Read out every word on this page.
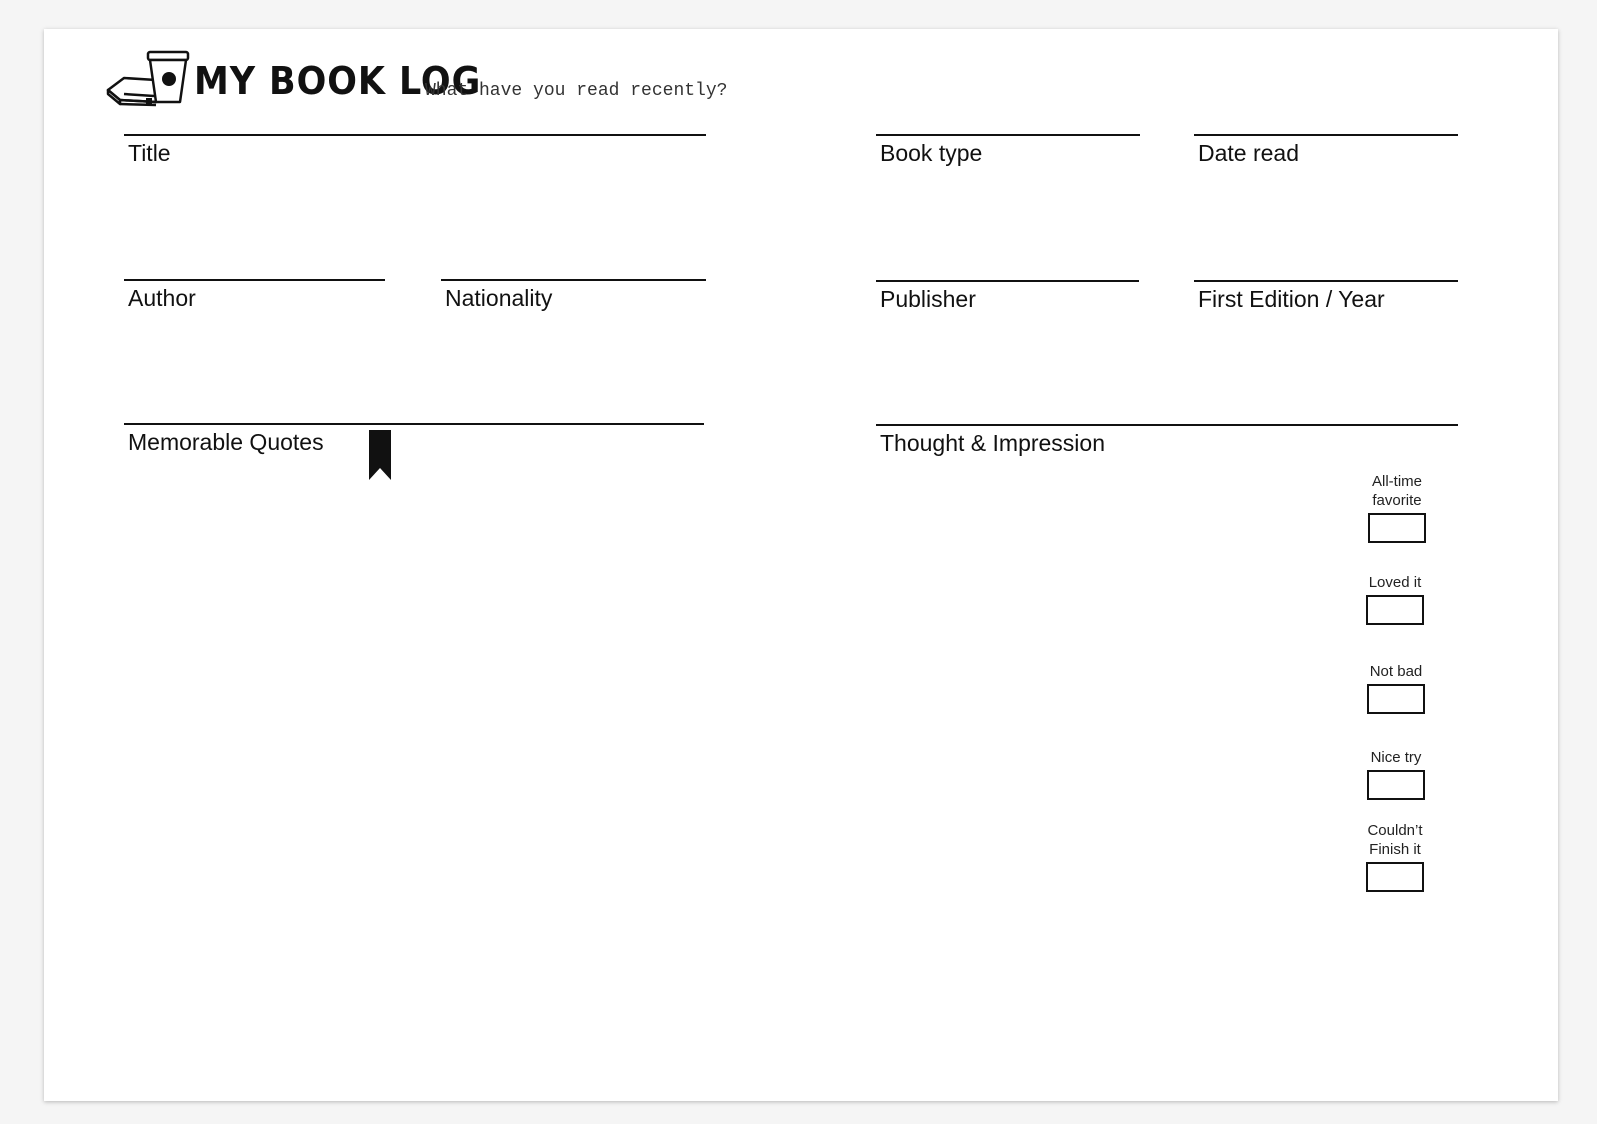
MY BOOK LOG
What have you read recently?
Title	Book type	Date read
Author	Nationality	Publisher	First Edition / Year
Memorable Quotes	Thought & Impression
All-time
favorite
Loved it
Not bad
Nice try
Couldn’t
Finish it
